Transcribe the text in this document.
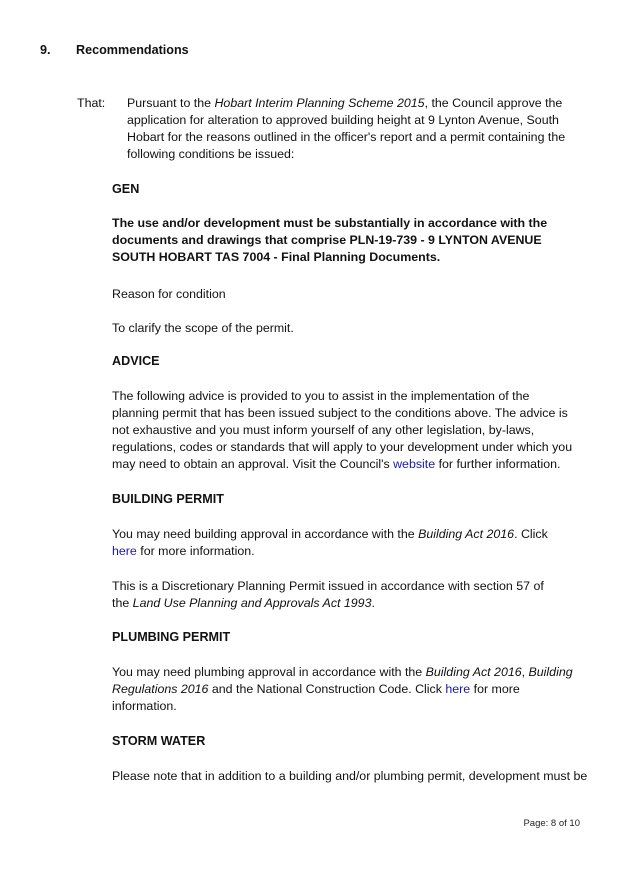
9. Recommendations
That: Pursuant to the Hobart Interim Planning Scheme 2015, the Council approve the application for alteration to approved building height at 9 Lynton Avenue, South Hobart for the reasons outlined in the officer's report and a permit containing the following conditions be issued:

GEN

The use and/or development must be substantially in accordance with the documents and drawings that comprise PLN-19-739 - 9 LYNTON AVENUE SOUTH HOBART TAS 7004 - Final Planning Documents.

Reason for condition
To clarify the scope of the permit.
ADVICE

The following advice is provided to you to assist in the implementation of the planning permit that has been issued subject to the conditions above. The advice is not exhaustive and you must inform yourself of any other legislation, by-laws, regulations, codes or standards that will apply to your development under which you may need to obtain an approval. Visit the Council's website for further information.

BUILDING PERMIT

You may need building approval in accordance with the Building Act 2016. Click
here for more information.

This is a Discretionary Planning Permit issued in accordance with section 57 of the Land Use Planning and Approvals Act 1993.

PLUMBING PERMIT

You may need plumbing approval in accordance with the Building Act 2016, Building Regulations 2016 and the National Construction Code. Click here for more information.

STORM WATER

Please note that in addition to a building and/or plumbing permit, development must be

Page: 8 of 10
